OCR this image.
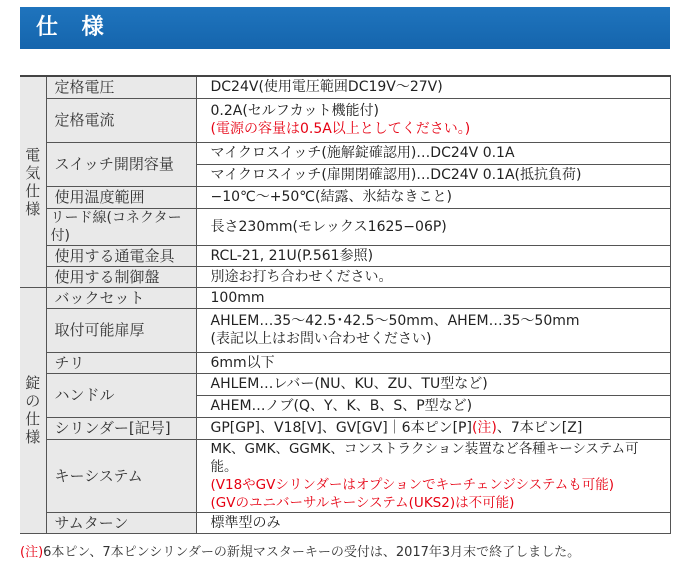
仕 様
電
気
仕
様	定格電圧	DC24V(使用電圧範囲DC19V～27V)
	定格電流	0.2A(セルフカット機能付)
(電源の容量は0.5A以上としてください。)

	スイッチ開閉容量	マイクロスイッチ(施解錠確認用)…DC24V 0.1A
		マイクロスイッチ(扉開閉確認用)…DC24V 0.1A(抵抗負荷)
	使用温度範囲	−10℃～+50℃(結露、氷結なきこと)
	リード線(コネクター付)	長さ230mm(モレックス1625−06P)
	使用する通電金具	RCL-21, 21U(P.561参照)
	使用する制御盤	別途お打ち合わせください。

錠
の
仕
様	バックセット	100mm
	取付可能扉厚	AHLEM…35～42.5･42.5～50mm、AHEM…35～50mm
(表記以上はお問い合わせください)

	チリ	6mm以下
	ハンドル	AHLEM…レバー(NU、KU、ZU、TU型など)
		AHEM…ノブ(Q、Y、K、B、S、P型など)
	シリンダー[記号]	GP[GP]、V18[V]、GV[GV]｜6本ピン[P](注)、7本ピン[Z]
	キーシステム	MK、GMK、GGMK、コンストラクション装置など各種キーシステム可能。
(V18やGVシリンダーはオプションでキーチェンジシステムも可能)
(GVのユニバーサルキーシステム(UKS2)は不可能)

	サムターン	標準型のみ

(注)6本ピン、7本ピンシリンダーの新規マスターキーの受付は、2017年3月末で終了しました。
